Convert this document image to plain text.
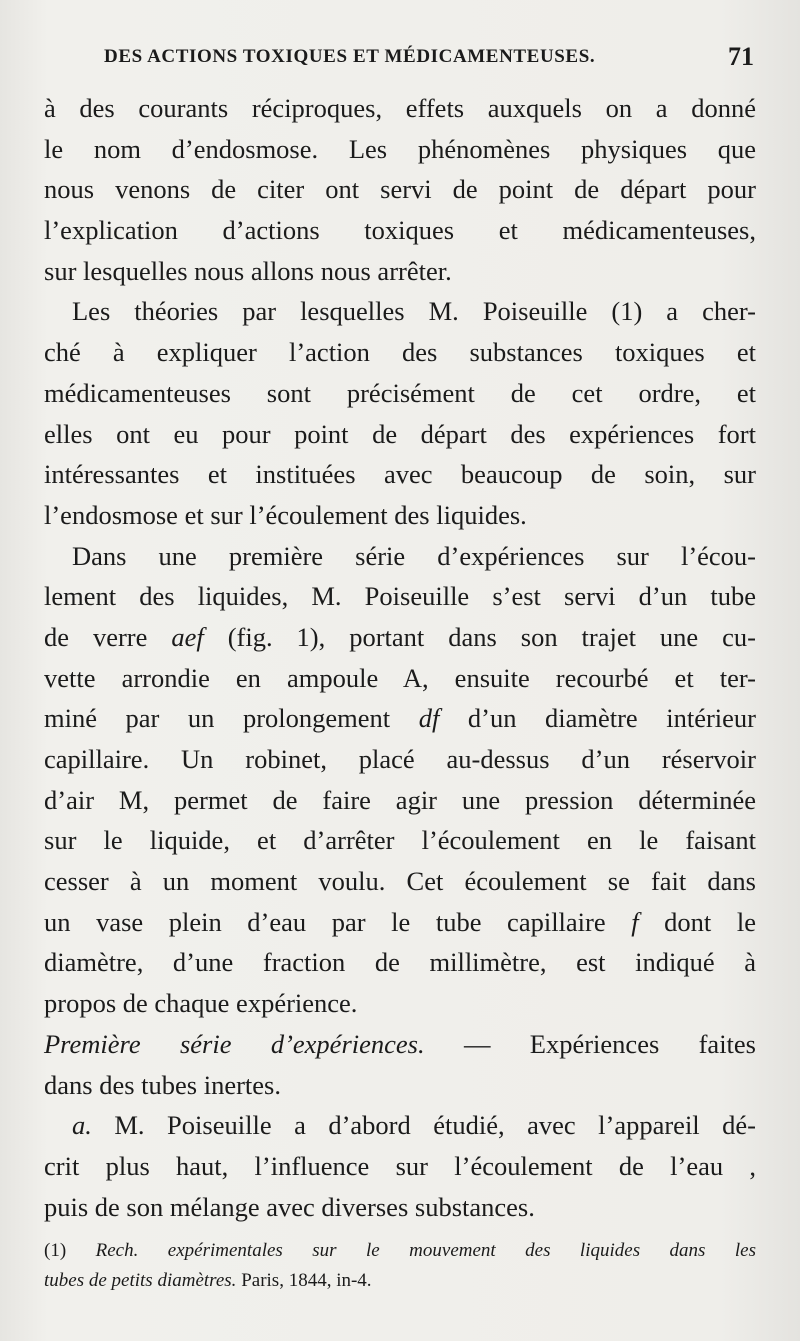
DES ACTIONS TOXIQUES ET MÉDICAMENTEUSES.	71
à des courants réciproques, effets auxquels on a donné
le nom d’endosmose. Les phénomènes physiques que
nous venons de citer ont servi de point de départ pour
l’explication d’actions toxiques et médicamenteuses,
sur lesquelles nous allons nous arrêter.
Les théories par lesquelles M. Poiseuille (1) a cher-
ché à expliquer l’action des substances toxiques et
médicamenteuses sont précisément de cet ordre, et
elles ont eu pour point de départ des expériences fort
intéressantes et instituées avec beaucoup de soin, sur
l’endosmose et sur l’écoulement des liquides.
Dans une première série d’expériences sur l’écou-
lement des liquides, M. Poiseuille s’est servi d’un tube
de verre aef (fig. 1), portant dans son trajet une cu-
vette arrondie en ampoule A, ensuite recourbé et ter-
miné par un prolongement df d’un diamètre intérieur
capillaire. Un robinet, placé au-dessus d’un réservoir
d’air M, permet de faire agir une pression déterminée
sur le liquide, et d’arrêter l’écoulement en le faisant
cesser à un moment voulu. Cet écoulement se fait dans
un vase plein d’eau par le tube capillaire f dont le
diamètre, d’une fraction de millimètre, est indiqué à
propos de chaque expérience.
Première série d’expériences. — Expériences faites
dans des tubes inertes.
a. M. Poiseuille a d’abord étudié, avec l’appareil dé-
crit plus haut, l’influence sur l’écoulement de l’eau ,
puis de son mélange avec diverses substances.
(1) Rech. expérimentales sur le mouvement des liquides dans les
tubes de petits diamètres. Paris, 1844, in-4.
